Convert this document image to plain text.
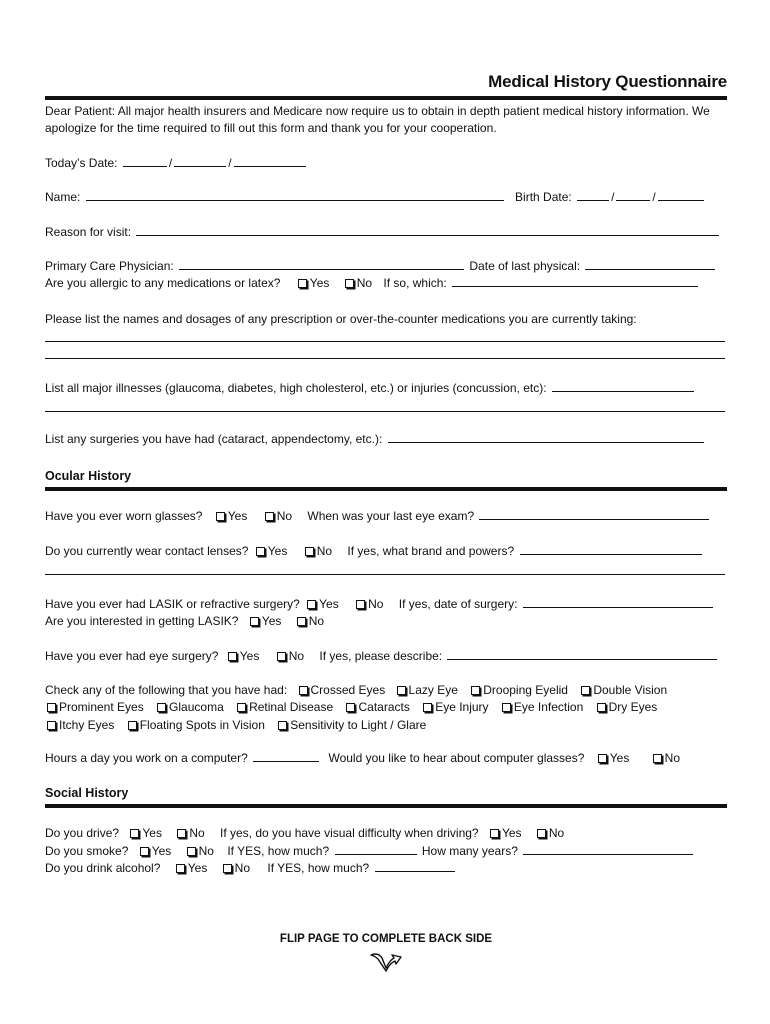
Medical History Questionnaire
Dear Patient: All major health insurers and Medicare now require us to obtain in depth patient medical history information. We apologize for the time required to fill out this form and thank you for your cooperation.
Today’s Date:	/	/
Name:	Birth Date:	/	/
Reason for visit:
Primary Care Physician:	Date of last physical:
Are you allergic to any medications or latex? Yes No If so, which:
Please list the names and dosages of any prescription or over-the-counter medications you are currently taking:
List all major illnesses (glaucoma, diabetes, high cholesterol, etc.) or injuries (concussion, etc):
List any surgeries you have had (cataract, appendectomy, etc.):
Ocular History
Have you ever worn glasses? Yes No When was your last eye exam?
Do you currently wear contact lenses? Yes No If yes, what brand and powers?
Have you ever had LASIK or refractive surgery? Yes No If yes, date of surgery:
Are you interested in getting LASIK? Yes No
Have you ever had eye surgery? Yes No If yes, please describe:
Check any of the following that you have had: Crossed Eyes Lazy Eye Drooping Eyelid Double Vision
Prominent Eyes Glaucoma Retinal Disease Cataracts Eye Injury Eye Infection Dry Eyes
Itchy Eyes Floating Spots in Vision Sensitivity to Light / Glare
Hours a day you work on a computer?	Would you like to hear about computer glasses? Yes	No
Social History
Do you drive? Yes No If yes, do you have visual difficulty when driving? Yes No
Do you smoke? Yes No If YES, how much?	How many years?
Do you drink alcohol? Yes No If YES, how much?
FLIP PAGE TO COMPLETE BACK SIDE
